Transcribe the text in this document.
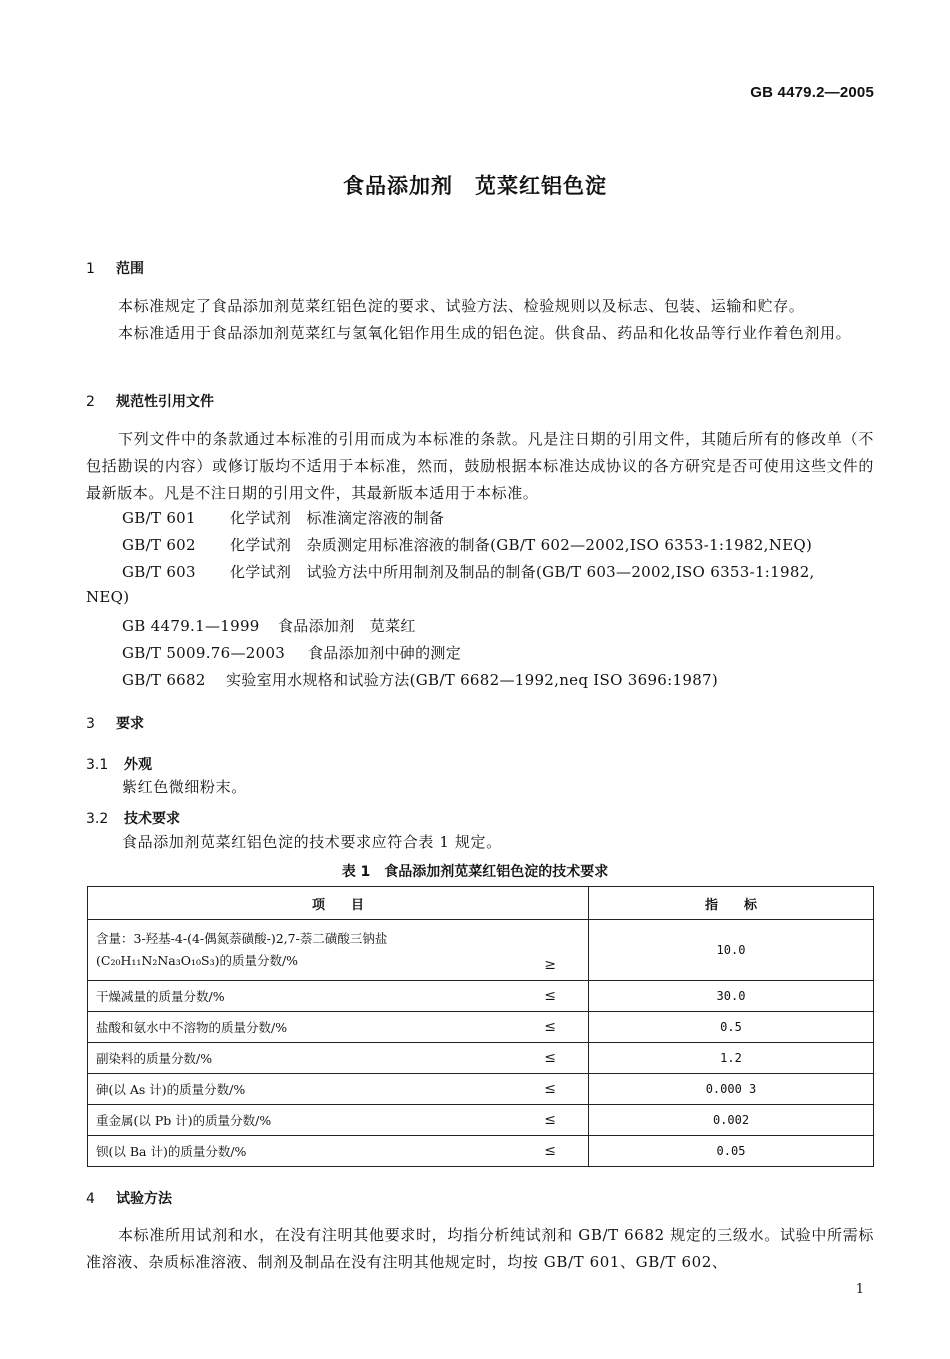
GB 4479.2—2005
食品添加剂　苋菜红铝色淀
1 范围
本标准规定了食品添加剂苋菜红铝色淀的要求、试验方法、检验规则以及标志、包装、运输和贮存。
本标准适用于食品添加剂苋菜红与氢氧化铝作用生成的铝色淀。供食品、药品和化妆品等行业作着色剂用。
2 规范性引用文件
下列文件中的条款通过本标准的引用而成为本标准的条款。凡是注日期的引用文件，其随后所有的修改单（不包括勘误的内容）或修订版均不适用于本标准，然而，鼓励根据本标准达成协议的各方研究是否可使用这些文件的最新版本。凡是不注日期的引用文件，其最新版本适用于本标准。
GB/T 601 化学试剂　标准滴定溶液的制备
GB/T 602 化学试剂　杂质测定用标准溶液的制备(GB/T 602—2002,ISO 6353-1:1982,NEQ)
GB/T 603 化学试剂　试验方法中所用制剂及制品的制备(GB/T 603—2002,ISO 6353-1:1982,
NEQ)
GB 4479.1—1999 食品添加剂　苋菜红
GB/T 5009.76—2003 食品添加剂中砷的测定
GB/T 6682 实验室用水规格和试验方法(GB/T 6682—1992,neq ISO 3696:1987)
3 要求
3.1 外观
紫红色微细粉末。
3.2 技术要求
食品添加剂苋菜红铝色淀的技术要求应符合表 1 规定。
表 1　食品添加剂苋菜红铝色淀的技术要求
项　　目	指　　标

含量：3-羟基-4-(4-偶氮萘磺酸-)2,7-萘二磺酸三钠盐
(C₂₀H₁₁N₂Na₃O₁₀S₃)的质量分数/% ≥	10.0
干燥减量的质量分数/% ≤	30.0
盐酸和氨水中不溶物的质量分数/% ≤	0.5
副染料的质量分数/% ≤	1.2
砷(以 As 计)的质量分数/% ≤	0.000 3
重金属(以 Pb 计)的质量分数/% ≤	0.002
钡(以 Ba 计)的质量分数/% ≤	0.05
4 试验方法
本标准所用试剂和水，在没有注明其他要求时，均指分析纯试剂和 GB/T 6682 规定的三级水。试验中所需标准溶液、杂质标准溶液、制剂及制品在没有注明其他规定时，均按 GB/T 601、GB/T 602、
1
